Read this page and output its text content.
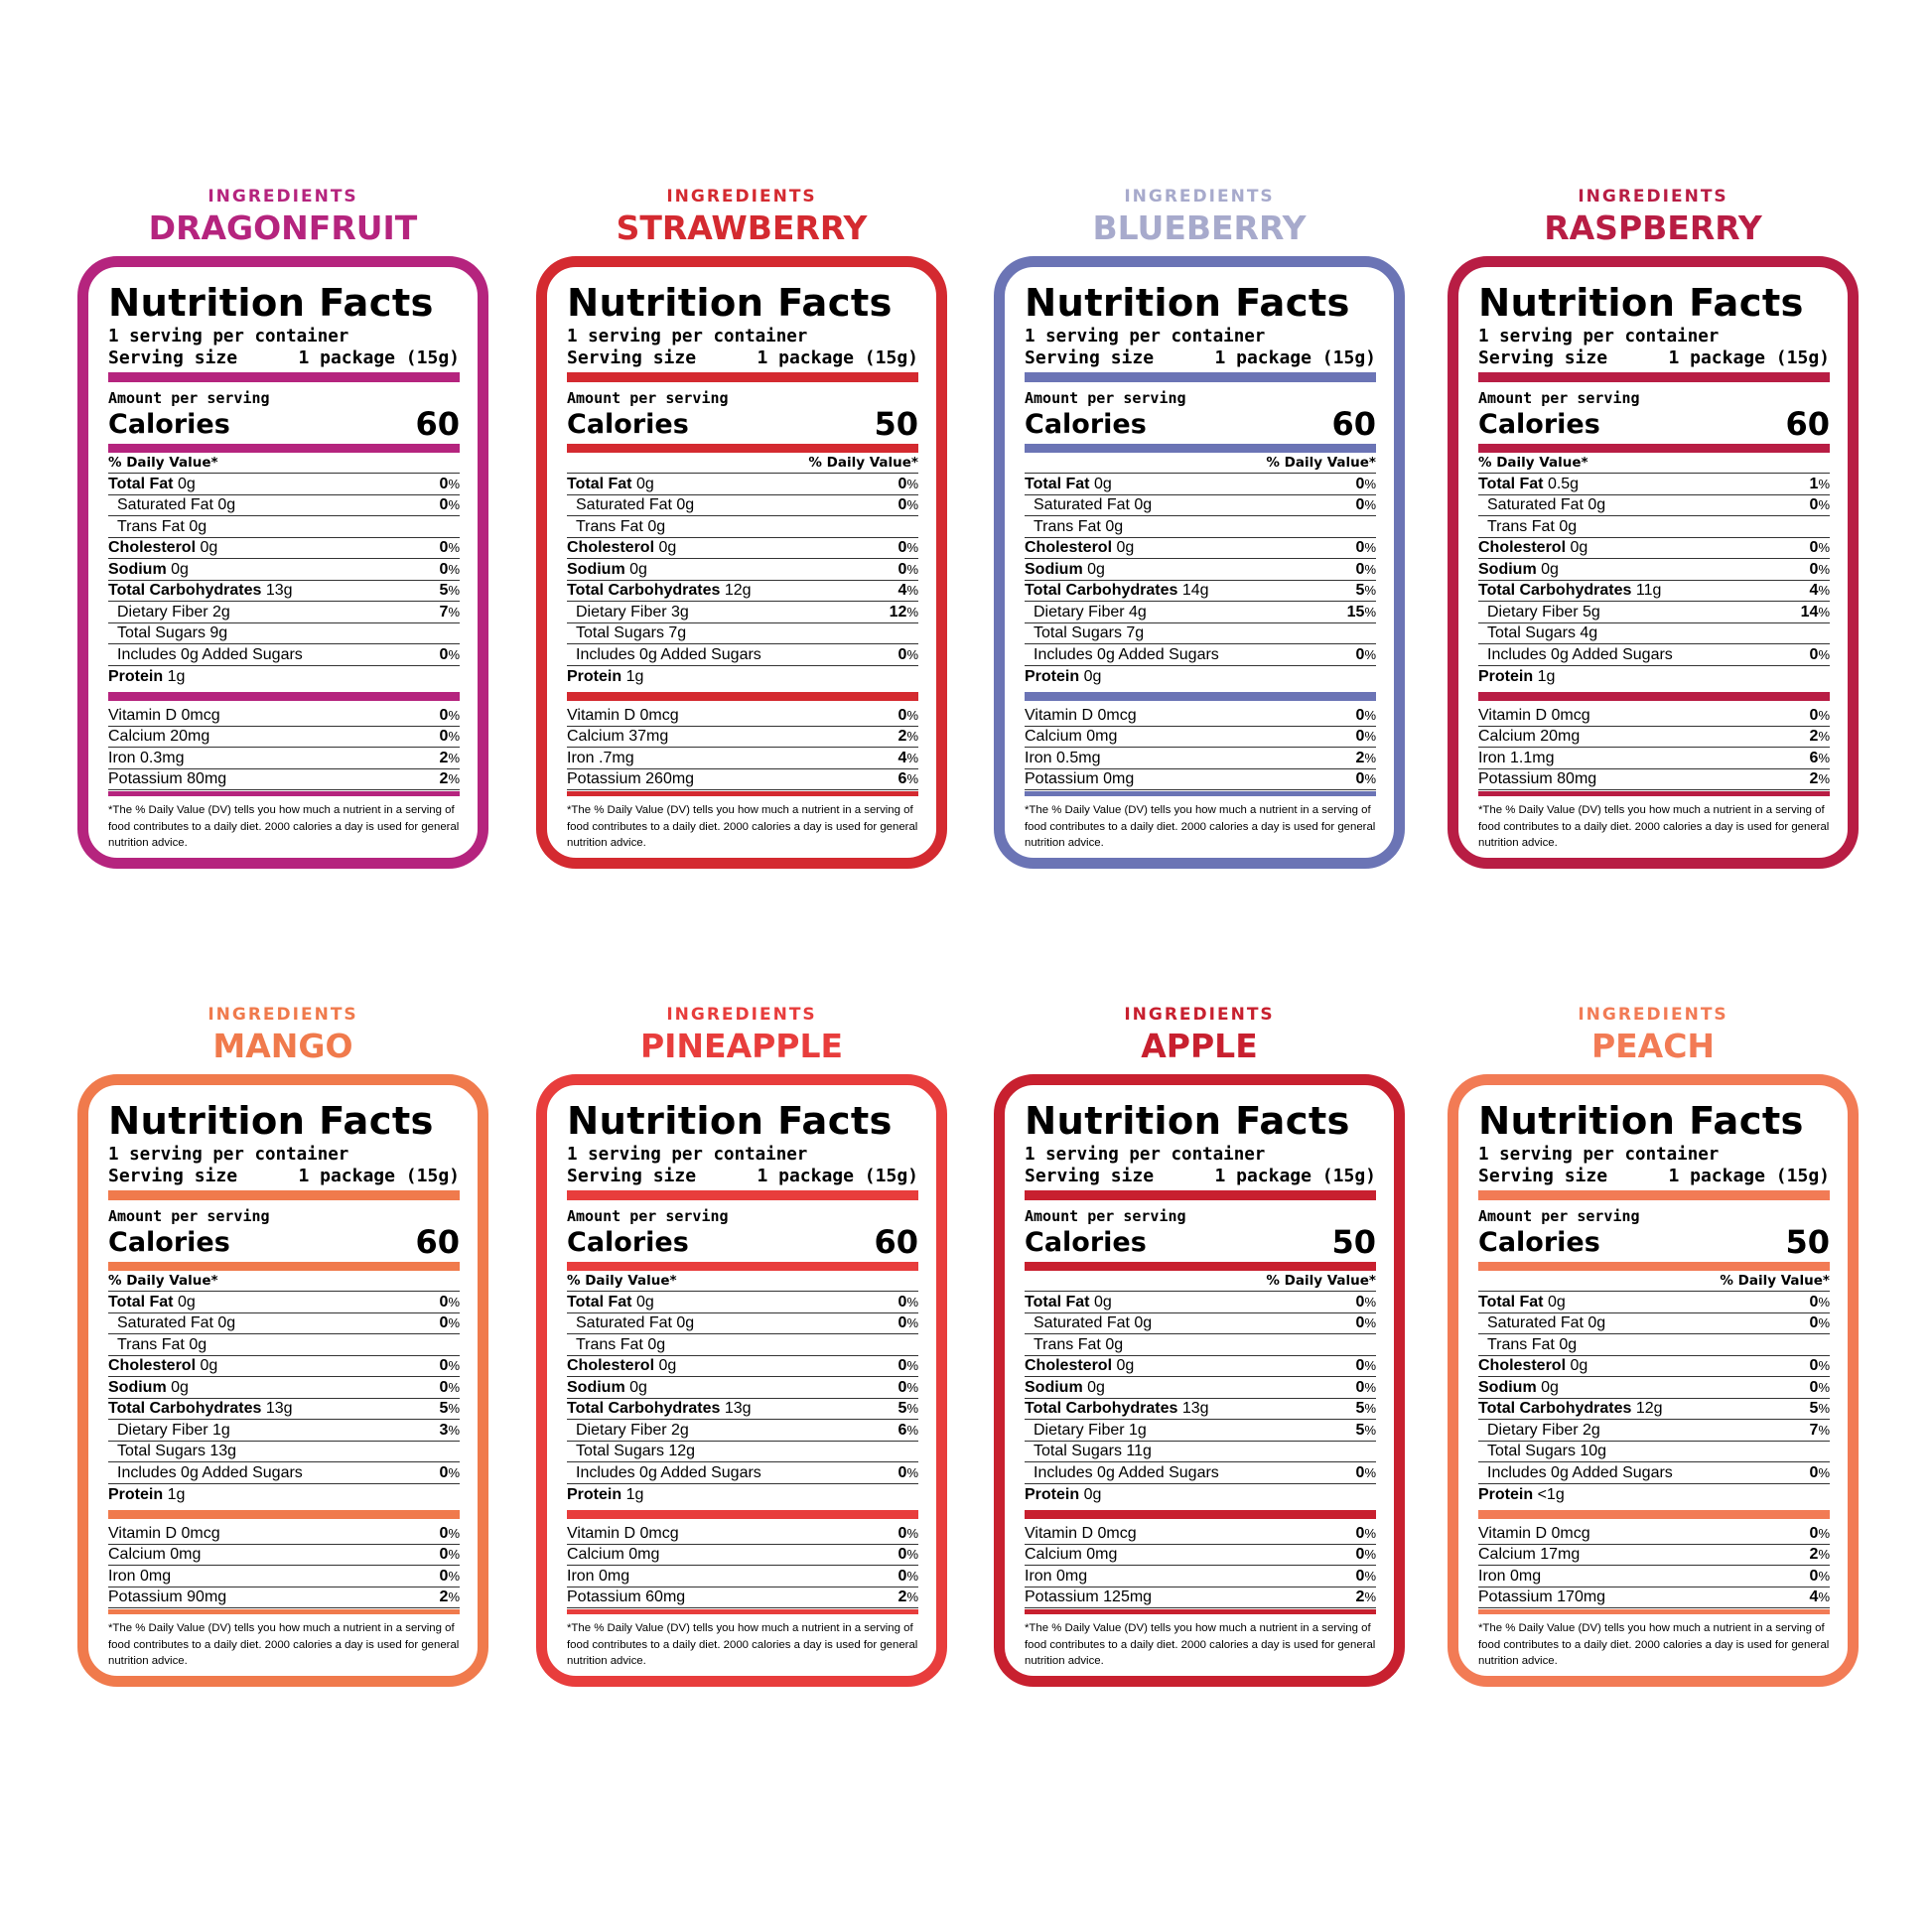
INGREDIENTS
DRAGONFRUIT
Nutrition Facts
1 serving per container
Serving size	1 package (15g)
Amount per serving
Calories	60
% Daily Value*
Total Fat 0g	0%
Saturated Fat 0g	0%
Trans Fat 0g
Cholesterol 0g	0%
Sodium 0g	0%
Total Carbohydrates 13g	5%
Dietary Fiber 2g	7%
Total Sugars 9g
Includes 0g Added Sugars	0%
Protein 1g
Vitamin D 0mcg	0%
Calcium 20mg	0%
Iron 0.3mg	2%
Potassium 80mg	2%
*The % Daily Value (DV) tells you how much a nutrient in a serving of food contributes to a daily diet. 2000 calories a day is used for general nutrition advice.
INGREDIENTS
STRAWBERRY
Nutrition Facts
1 serving per container
Serving size	1 package (15g)
Amount per serving
Calories	50
% Daily Value*
Total Fat 0g	0%
Saturated Fat 0g	0%
Trans Fat 0g
Cholesterol 0g	0%
Sodium 0g	0%
Total Carbohydrates 12g	4%
Dietary Fiber 3g	12%
Total Sugars 7g
Includes 0g Added Sugars	0%
Protein 1g
Vitamin D 0mcg	0%
Calcium 37mg	2%
Iron .7mg	4%
Potassium 260mg	6%
*The % Daily Value (DV) tells you how much a nutrient in a serving of food contributes to a daily diet. 2000 calories a day is used for general nutrition advice.
INGREDIENTS
BLUEBERRY
Nutrition Facts
1 serving per container
Serving size	1 package (15g)
Amount per serving
Calories	60
% Daily Value*
Total Fat 0g	0%
Saturated Fat 0g	0%
Trans Fat 0g
Cholesterol 0g	0%
Sodium 0g	0%
Total Carbohydrates 14g	5%
Dietary Fiber 4g	15%
Total Sugars 7g
Includes 0g Added Sugars	0%
Protein 0g
Vitamin D 0mcg	0%
Calcium 0mg	0%
Iron 0.5mg	2%
Potassium 0mg	0%
*The % Daily Value (DV) tells you how much a nutrient in a serving of food contributes to a daily diet. 2000 calories a day is used for general nutrition advice.
INGREDIENTS
RASPBERRY
Nutrition Facts
1 serving per container
Serving size	1 package (15g)
Amount per serving
Calories	60
% Daily Value*
Total Fat 0.5g	1%
Saturated Fat 0g	0%
Trans Fat 0g
Cholesterol 0g	0%
Sodium 0g	0%
Total Carbohydrates 11g	4%
Dietary Fiber 5g	14%
Total Sugars 4g
Includes 0g Added Sugars	0%
Protein 1g
Vitamin D 0mcg	0%
Calcium 20mg	2%
Iron 1.1mg	6%
Potassium 80mg	2%
*The % Daily Value (DV) tells you how much a nutrient in a serving of food contributes to a daily diet. 2000 calories a day is used for general nutrition advice.
INGREDIENTS
MANGO
Nutrition Facts
1 serving per container
Serving size	1 package (15g)
Amount per serving
Calories	60
% Daily Value*
Total Fat 0g	0%
Saturated Fat 0g	0%
Trans Fat 0g
Cholesterol 0g	0%
Sodium 0g	0%
Total Carbohydrates 13g	5%
Dietary Fiber 1g	3%
Total Sugars 13g
Includes 0g Added Sugars	0%
Protein 1g
Vitamin D 0mcg	0%
Calcium 0mg	0%
Iron 0mg	0%
Potassium 90mg	2%
*The % Daily Value (DV) tells you how much a nutrient in a serving of food contributes to a daily diet. 2000 calories a day is used for general nutrition advice.
INGREDIENTS
PINEAPPLE
Nutrition Facts
1 serving per container
Serving size	1 package (15g)
Amount per serving
Calories	60
% Daily Value*
Total Fat 0g	0%
Saturated Fat 0g	0%
Trans Fat 0g
Cholesterol 0g	0%
Sodium 0g	0%
Total Carbohydrates 13g	5%
Dietary Fiber 2g	6%
Total Sugars 12g
Includes 0g Added Sugars	0%
Protein 1g
Vitamin D 0mcg	0%
Calcium 0mg	0%
Iron 0mg	0%
Potassium 60mg	2%
*The % Daily Value (DV) tells you how much a nutrient in a serving of food contributes to a daily diet. 2000 calories a day is used for general nutrition advice.
INGREDIENTS
APPLE
Nutrition Facts
1 serving per container
Serving size	1 package (15g)
Amount per serving
Calories	50
% Daily Value*
Total Fat 0g	0%
Saturated Fat 0g	0%
Trans Fat 0g
Cholesterol 0g	0%
Sodium 0g	0%
Total Carbohydrates 13g	5%
Dietary Fiber 1g	5%
Total Sugars 11g
Includes 0g Added Sugars	0%
Protein 0g
Vitamin D 0mcg	0%
Calcium 0mg	0%
Iron 0mg	0%
Potassium 125mg	2%
*The % Daily Value (DV) tells you how much a nutrient in a serving of food contributes to a daily diet. 2000 calories a day is used for general nutrition advice.
INGREDIENTS
PEACH
Nutrition Facts
1 serving per container
Serving size	1 package (15g)
Amount per serving
Calories	50
% Daily Value*
Total Fat 0g	0%
Saturated Fat 0g	0%
Trans Fat 0g
Cholesterol 0g	0%
Sodium 0g	0%
Total Carbohydrates 12g	5%
Dietary Fiber 2g	7%
Total Sugars 10g
Includes 0g Added Sugars	0%
Protein <1g
Vitamin D 0mcg	0%
Calcium 17mg	2%
Iron 0mg	0%
Potassium 170mg	4%
*The % Daily Value (DV) tells you how much a nutrient in a serving of food contributes to a daily diet. 2000 calories a day is used for general nutrition advice.
